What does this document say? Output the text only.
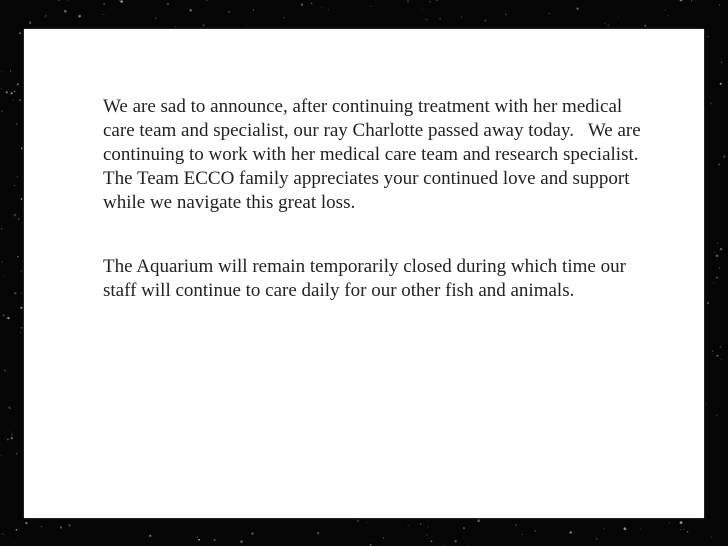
We are sad to announce, after continuing treatment with her medical care team and specialist, our ray Charlotte passed away today.   We are continuing to work with her medical care team and research specialist. The Team ECCO family appreciates your continued love and support while we navigate this great loss.

The Aquarium will remain temporarily closed during which time our staff will continue to care daily for our other fish and animals.
